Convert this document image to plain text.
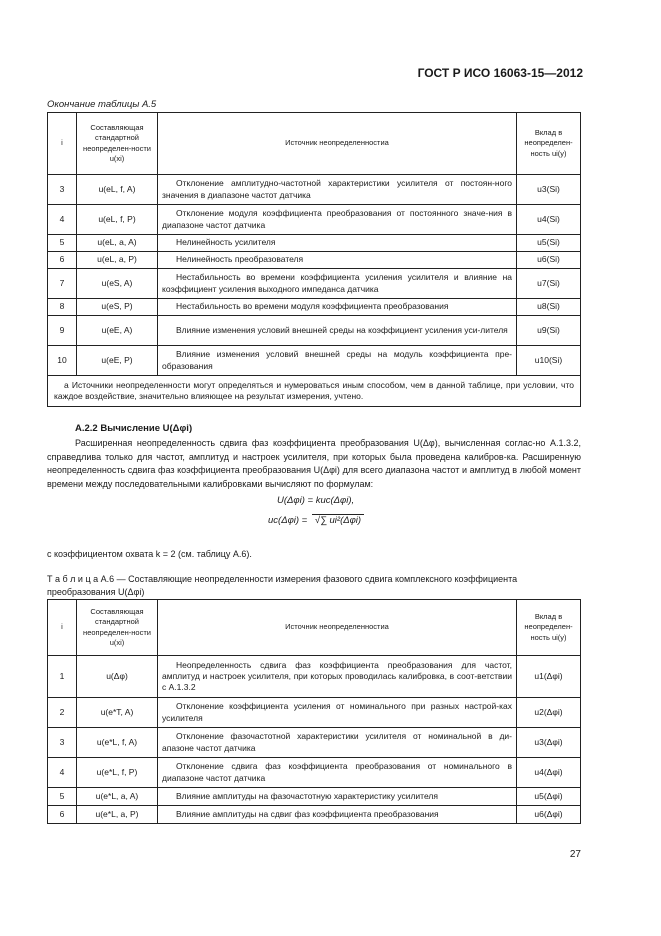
ГОСТ Р ИСО 16063-15—2012
Окончание таблицы А.5
i	Составляющая стандартной неопределен-ности u(xi)	Источник неопределенностиa	Вклад в неопределен-ность ui(y)
3	u(eL, f, A)	Отклонение амплитудно-частотной характеристики усилителя от постоян-ного значения в диапазоне частот датчика	u3(Si)
4	u(eL, f, P)	Отклонение модуля коэффициента преобразования от постоянного значе-ния в диапазоне частот датчика	u4(Si)
5	u(eL, a, A)	Нелинейность усилителя	u5(Si)
6	u(eL, a, P)	Нелинейность преобразователя	u6(Si)
7	u(eS, A)	Нестабильность во времени коэффициента усиления усилителя и влияние на коэффициент усиления выходного импеданса датчика	u7(Si)
8	u(eS, P)	Нестабильность во времени модуля коэффициента преобразования	u8(Si)
9	u(eE, A)	Влияние изменения условий внешней среды на коэффициент усиления уси-лителя	u9(Si)
10	u(eE, P)	Влияние изменения условий внешней среды на модуль коэффициента пре-образования	u10(Si)
a Источники неопределенности могут определяться и нумероваться иным способом, чем в данной таблице, при условии, что каждое воздействие, значительно влияющее на результат измерения, учтено.			
А.2.2 Вычисление U(Δφi)
Расширенная неопределенность сдвига фаз коэффициента преобразования U(Δφ), вычисленная соглас-но А.1.3.2, справедлива только для частот, амплитуд и настроек усилителя, при которых была проведена калибров-ка. Расширенную неопределенность сдвига фаз коэффициента преобразования U(Δφi) для всего диапазона частот и амплитуд в любой момент времени между последовательными калибровками вычисляют по формулам:
U(Δφi) = kuc(Δφi),
uc(Δφi) = √∑ ui²(Δφi)
с коэффициентом охвата k = 2 (см. таблицу А.6).
Т а б л и ц а А.6 — Составляющие неопределенности измерения фазового сдвига комплексного коэффициента преобразования U(Δφi)
i	Составляющая стандартной неопределен-ности u(xi)	Источник неопределенностиa	Вклад в неопределен-ность ui(y)
1	u(Δφ)	Неопределенность сдвига фаз коэффициента преобразования для частот, амплитуд и настроек усилителя, при которых проводилась калибровка, в соот-ветствии с А.1.3.2	u1(Δφi)
2	u(e*T, A)	Отклонение коэффициента усиления от номинального при разных настрой-ках усилителя	u2(Δφi)
3	u(e*L, f, A)	Отклонение фазочастотной характеристики усилителя от номинальной в ди-апазоне частот датчика	u3(Δφi)
4	u(e*L, f, P)	Отклонение сдвига фаз коэффициента преобразования от номинального в диапазоне частот датчика	u4(Δφi)
5	u(e*L, a, A)	Влияние амплитуды на фазочастотную характеристику усилителя	u5(Δφi)
6	u(e*L, a, P)	Влияние амплитуды на сдвиг фаз коэффициента преобразования	u6(Δφi)
27
